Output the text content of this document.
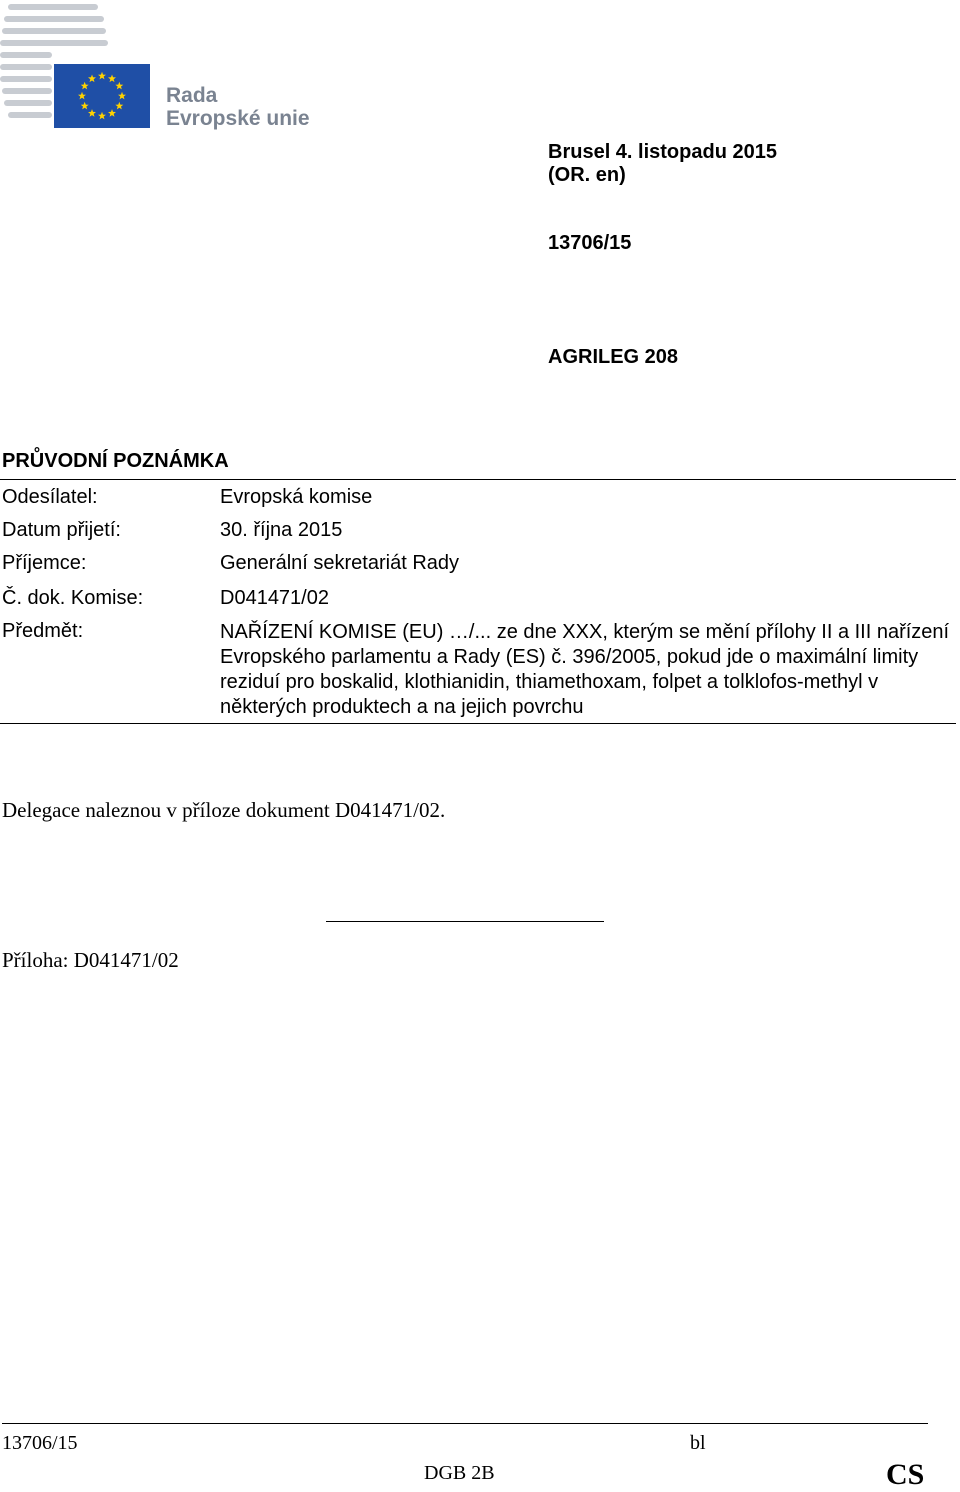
Rada
Evropské unie
Brusel 4. listopadu 2015
(OR. en)
13706/15
AGRILEG 208
PRŮVODNÍ POZNÁMKA
Odesílatel:	Evropská komise
Datum přijetí:	30. října 2015
Příjemce:	Generální sekretariát Rady
Č. dok. Komise:	D041471/02
Předmět:	NAŘÍZENÍ KOMISE (EU) …/... ze dne XXX, kterým se mění přílohy II a III nařízení Evropského parlamentu a Rady (ES) č. 396/2005, pokud jde o maximální limity reziduí pro boskalid, klothianidin, thiamethoxam, folpet a tolklofos-methyl v některých produktech a na jejich povrchu
Delegace naleznou v příloze dokument D041471/02.
Příloha: D041471/02
13706/15	bl
DGB 2B	CS
